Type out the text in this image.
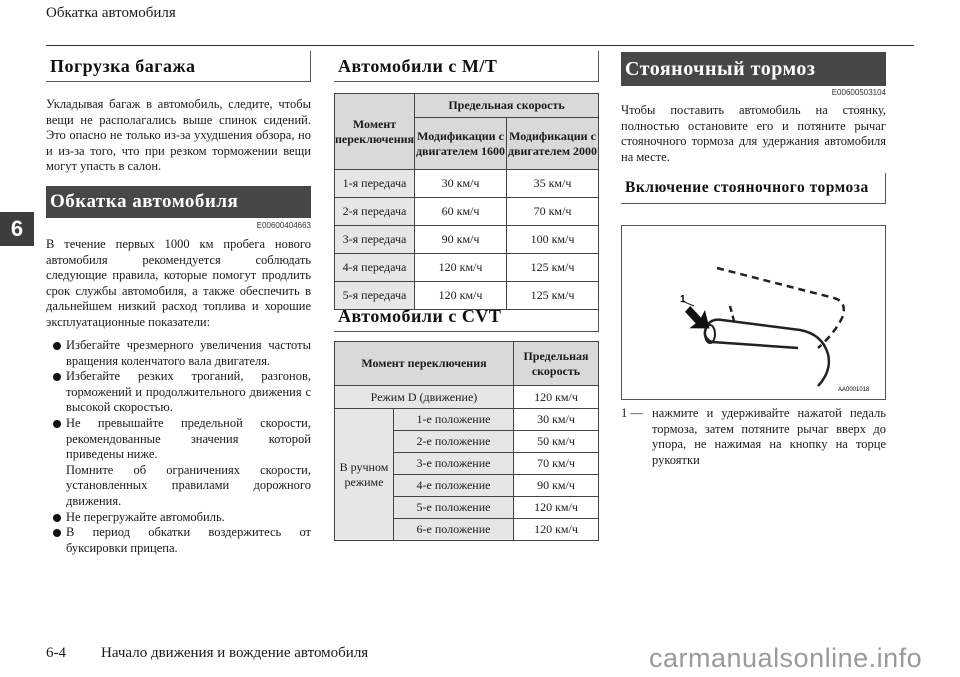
Обкатка автомобиля
6
Погрузка багажа
Укладывая багаж в автомобиль, следите, чтобы вещи не располагались выше спинок сидений. Это опасно не только из-за ухудшения обзора, но и из-за того, что при резком торможении вещи могут упасть в салон.
Обкатка автомобиля
E00600404663
В течение первых 1000 км пробега нового автомобиля рекомендуется соблюдать следующие правила, которые помогут продлить срок службы автомобиля, а также обеспечить в дальнейшем низкий расход топлива и хорошие эксплуатационные показатели:
Избегайте чрезмерного увеличения частоты вращения коленчатого вала двигателя.
Избегайте резких троганий, разгонов, торможений и продолжительного движения с высокой скоростью.
Не превышайте предельной скорости, рекомендованные значения которой приведены ниже.
Помните об ограничениях скорости, установленных правилами дорожного движения.
Не перегружайте автомобиль.
В период обкатки воздержитесь от буксировки прицепа.
Автомобили с M/T
Момент переключения	Предельная скорость	
	Модификации с двигателем 1600	Модификации с двигателем 2000
1-я передача	30 км/ч	35 км/ч
2-я передача	60 км/ч	70 км/ч
3-я передача	90 км/ч	100 км/ч
4-я передача	120 км/ч	125 км/ч
5-я передача	120 км/ч	125 км/ч
Автомобили с CVT
Момент переключения		Предельная скорость
Режим D (движение)		120 км/ч
В ручном режиме	1-е положение	30 км/ч
	2-е положение	50 км/ч
	3-е положение	70 км/ч
	4-е положение	90 км/ч
	5-е положение	120 км/ч
	6-е положение	120 км/ч
Стояночный тормоз
E00600503104
Чтобы поставить автомобиль на стоянку, полностью остановите его и потяните рычаг стояночного тормоза для удержания автомобиля на месте.
Включение стояночного тормоза
1
AA0001018
1 — нажмите и удерживайте нажатой педаль тормоза, затем потяните рычаг вверх до упора, не нажимая на кнопку на торце рукоятки
6-4 Начало движения и вождение автомобиля	carmanualsonline.info
